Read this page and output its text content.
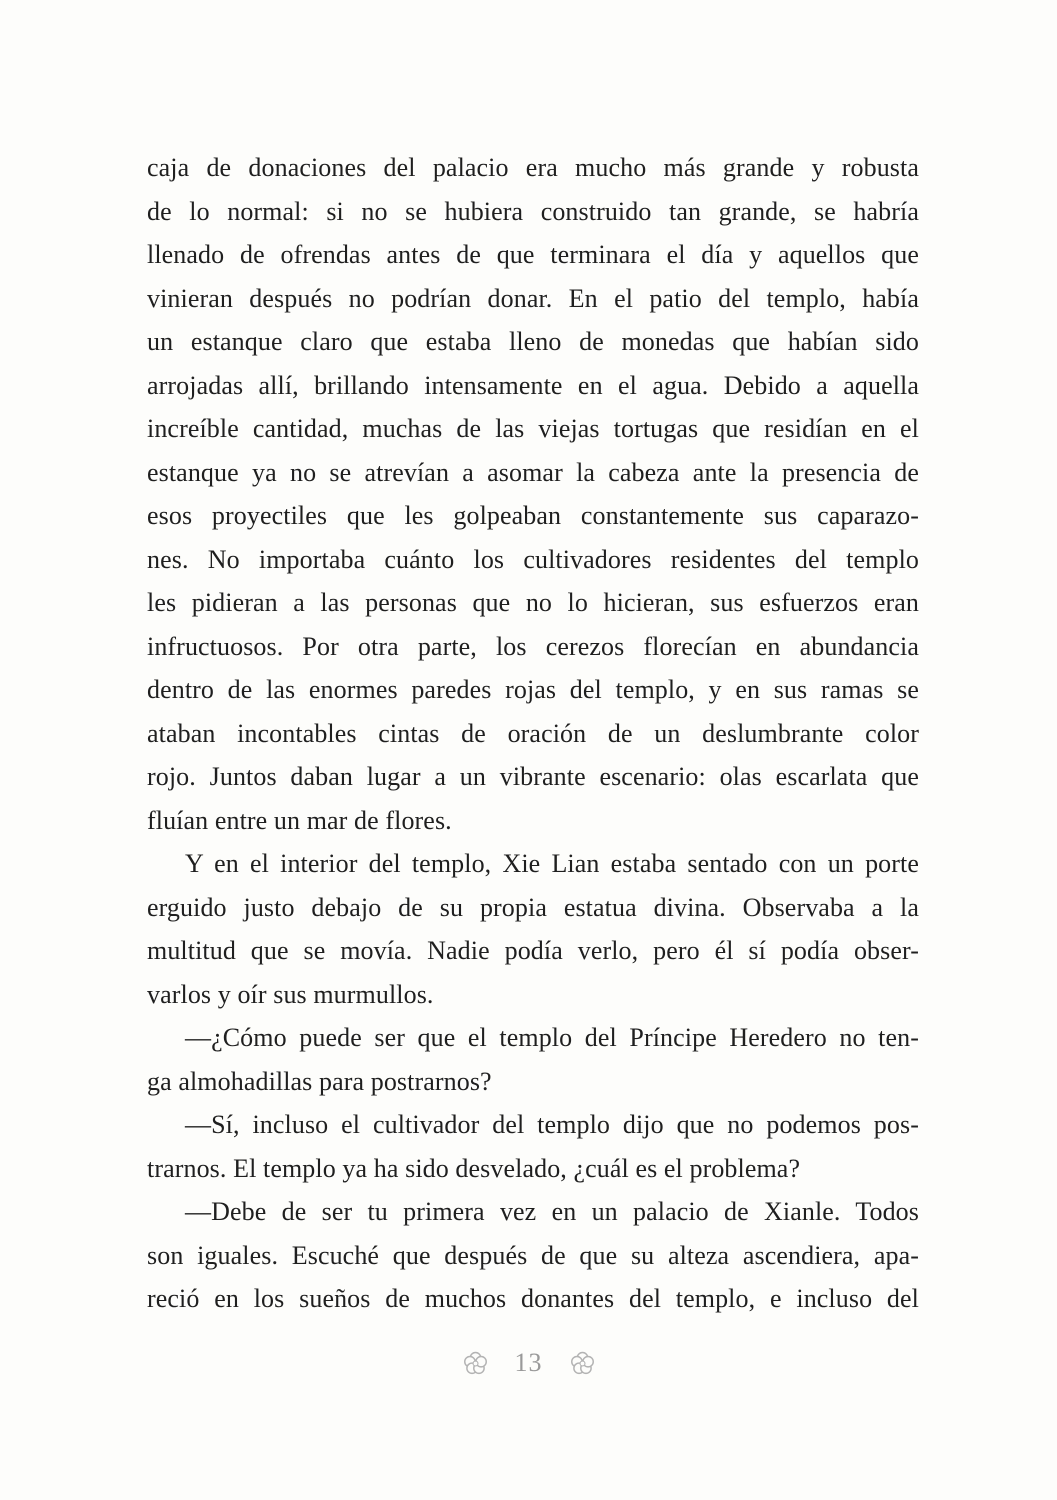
caja de donaciones del palacio era mucho más grande y robusta
de lo normal: si no se hubiera construido tan grande, se habría
llenado de ofrendas antes de que terminara el día y aquellos que
vinieran después no podrían donar. En el patio del templo, había
un estanque claro que estaba lleno de monedas que habían sido
arrojadas allí, brillando intensamente en el agua. Debido a aquella
increíble cantidad, muchas de las viejas tortugas que residían en el
estanque ya no se atrevían a asomar la cabeza ante la presencia de
esos proyectiles que les golpeaban constantemente sus caparazo-
nes. No importaba cuánto los cultivadores residentes del templo
les pidieran a las personas que no lo hicieran, sus esfuerzos eran
infructuosos. Por otra parte, los cerezos florecían en abundancia
dentro de las enormes paredes rojas del templo, y en sus ramas se
ataban incontables cintas de oración de un deslumbrante color
rojo. Juntos daban lugar a un vibrante escenario: olas escarlata que
fluían entre un mar de flores.
Y en el interior del templo, Xie Lian estaba sentado con un porte
erguido justo debajo de su propia estatua divina. Observaba a la
multitud que se movía. Nadie podía verlo, pero él sí podía obser-
varlos y oír sus murmullos.
—¿Cómo puede ser que el templo del Príncipe Heredero no ten-
ga almohadillas para postrarnos?
—Sí, incluso el cultivador del templo dijo que no podemos pos-
trarnos. El templo ya ha sido desvelado, ¿cuál es el problema?
—Debe de ser tu primera vez en un palacio de Xianle. Todos
son iguales. Escuché que después de que su alteza ascendiera, apa-
reció en los sueños de muchos donantes del templo, e incluso del
13
